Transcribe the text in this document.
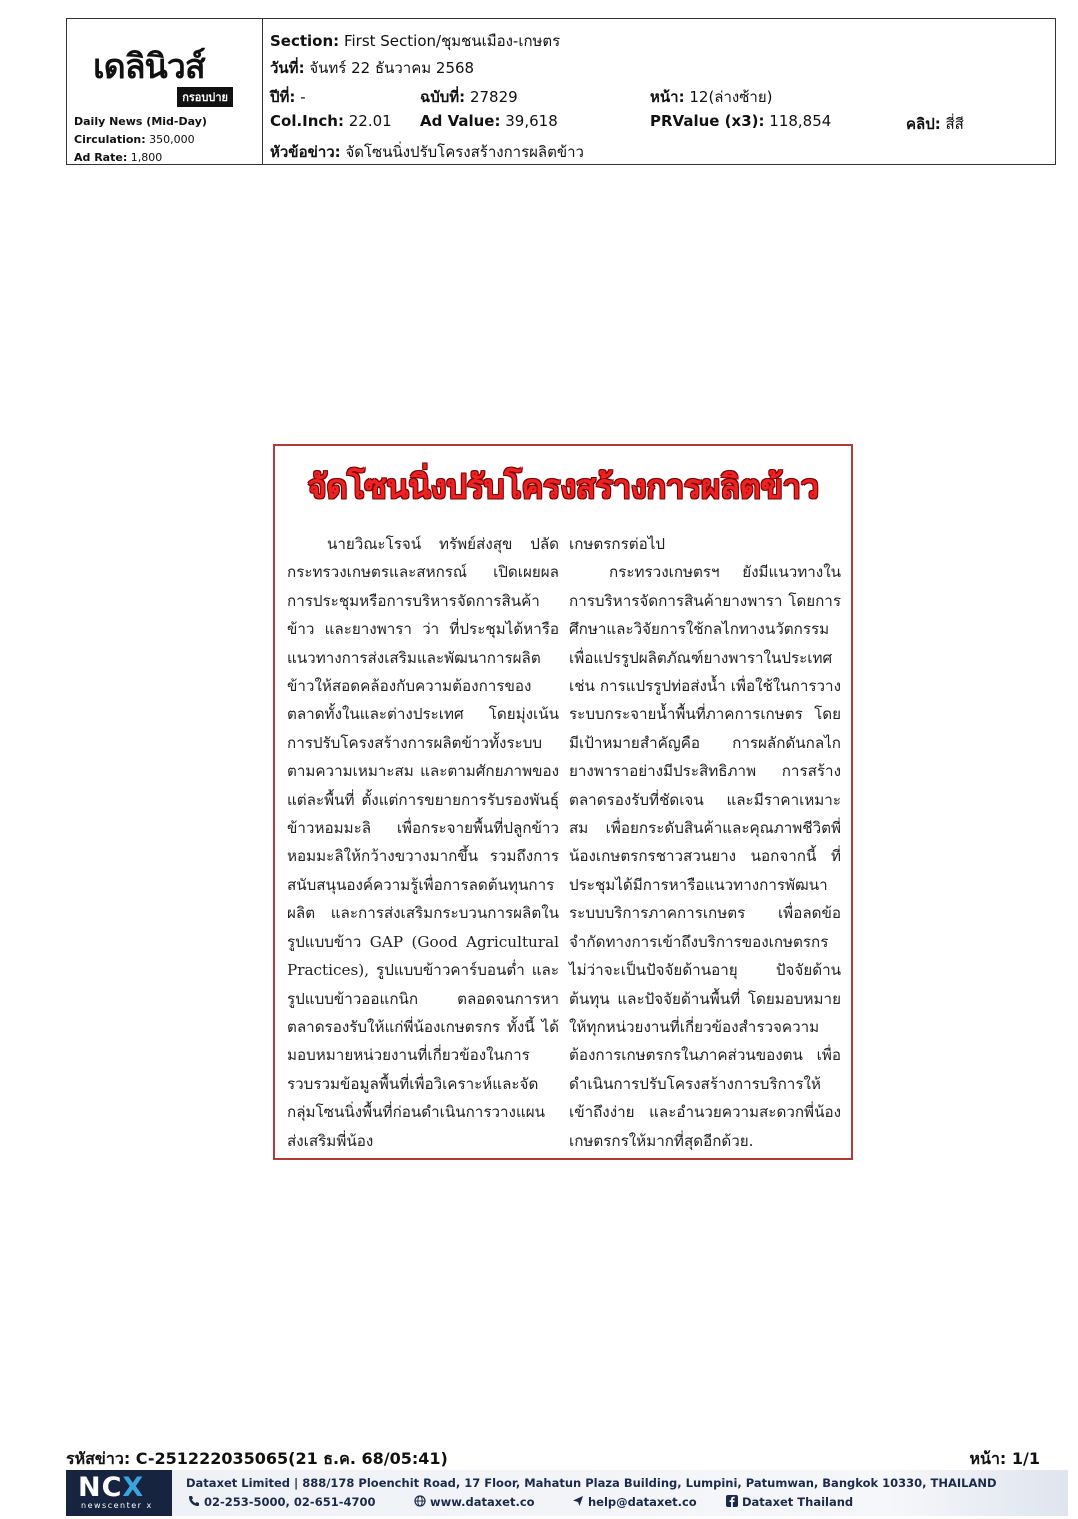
เดลินิวส์
กรอบบ่าย
Daily News (Mid-Day)
Circulation: 350,000
Ad Rate: 1,800
Section: First Section/ชุมชนเมือง-เกษตร
วันที่: จันทร์ 22 ธันวาคม 2568
ปีที่: -	ฉบับที่: 27829	หน้า: 12(ล่างซ้าย)
Col.Inch: 22.01 Ad Value: 39,618	PRValue (x3): 118,854	คลิป: สี่สี
หัวข้อข่าว: จัดโซนนิ่งปรับโครงสร้างการผลิตข้าว
จัดโซนนิ่งปรับโครงสร้างการผลิตข้าว

นายวิณะโรจน์ ทรัพย์ส่งสุข ปลัดกระทรวงเกษตรและสหกรณ์ เปิดเผยผลการประชุมหรือการบริหารจัดการสินค้าข้าว และยางพารา ว่า ที่ประชุมได้หารือแนวทางการส่งเสริมและพัฒนาการผลิตข้าวให้สอดคล้องกับความต้องการของตลาดทั้งในและต่างประเทศ โดยมุ่งเน้นการปรับโครงสร้างการผลิตข้าวทั้งระบบตามความเหมาะสม และตามศักยภาพของแต่ละพื้นที่ ตั้งแต่การขยายการรับรองพันธุ์ข้าวหอมมะลิ เพื่อกระจายพื้นที่ปลูกข้าวหอมมะลิให้กว้างขวางมากขึ้น รวมถึงการสนับสนุนองค์ความรู้เพื่อการลดต้นทุนการผลิต และการส่งเสริมกระบวนการผลิตในรูปแบบข้าว GAP (Good Agricultural Practices), รูปแบบข้าวคาร์บอนต่ำ และรูปแบบข้าวออแกนิก ตลอดจนการหาตลาดรองรับให้แก่พี่น้องเกษตรกร ทั้งนี้ ได้มอบหมายหน่วยงานที่เกี่ยวข้องในการรวบรวมข้อมูลพื้นที่เพื่อวิเคราะห์และจัดกลุ่มโซนนิ่งพื้นที่ก่อนดำเนินการวางแผนส่งเสริมพี่น้อง

เกษตรกรต่อไป

กระทรวงเกษตรฯ ยังมีแนวทางในการบริหารจัดการสินค้ายางพารา โดยการศึกษาและวิจัยการใช้กลไกทางนวัตกรรมเพื่อแปรรูปผลิตภัณฑ์ยางพาราในประเทศ เช่น การแปรรูปท่อส่งน้ำ เพื่อใช้ในการวางระบบกระจายน้ำพื้นที่ภาคการเกษตร โดยมีเป้าหมายสำคัญคือ การผลักดันกลไกยางพาราอย่างมีประสิทธิภาพ การสร้างตลาดรองรับที่ชัดเจน และมีราคาเหมาะสม เพื่อยกระดับสินค้าและคุณภาพชีวิตพี่น้องเกษตรกรชาวสวนยาง นอกจากนี้ ที่ประชุมได้มีการหารือแนวทางการพัฒนาระบบบริการภาคการเกษตร เพื่อลดข้อจำกัดทางการเข้าถึงบริการของเกษตรกร ไม่ว่าจะเป็นปัจจัยด้านอายุ ปัจจัยด้านต้นทุน และปัจจัยด้านพื้นที่ โดยมอบหมายให้ทุกหน่วยงานที่เกี่ยวข้องสำรวจความต้องการเกษตรกรในภาคส่วนของตน เพื่อดำเนินการปรับโครงสร้างการบริการให้เข้าถึงง่าย และอำนวยความสะดวกพี่น้องเกษตรกรให้มากที่สุดอีกด้วย.

รหัสข่าว: C-251222035065(21 ธ.ค. 68/05:41)	หน้า: 1/1
NCX
newscenter x
Dataxet Limited | 888/178 Ploenchit Road, 17 Floor, Mahatun Plaza Building, Lumpini, Patumwan, Bangkok 10330, THAILAND
02-253-5000, 02-651-4700	www.dataxet.co	help@dataxet.co	Dataxet Thailand
